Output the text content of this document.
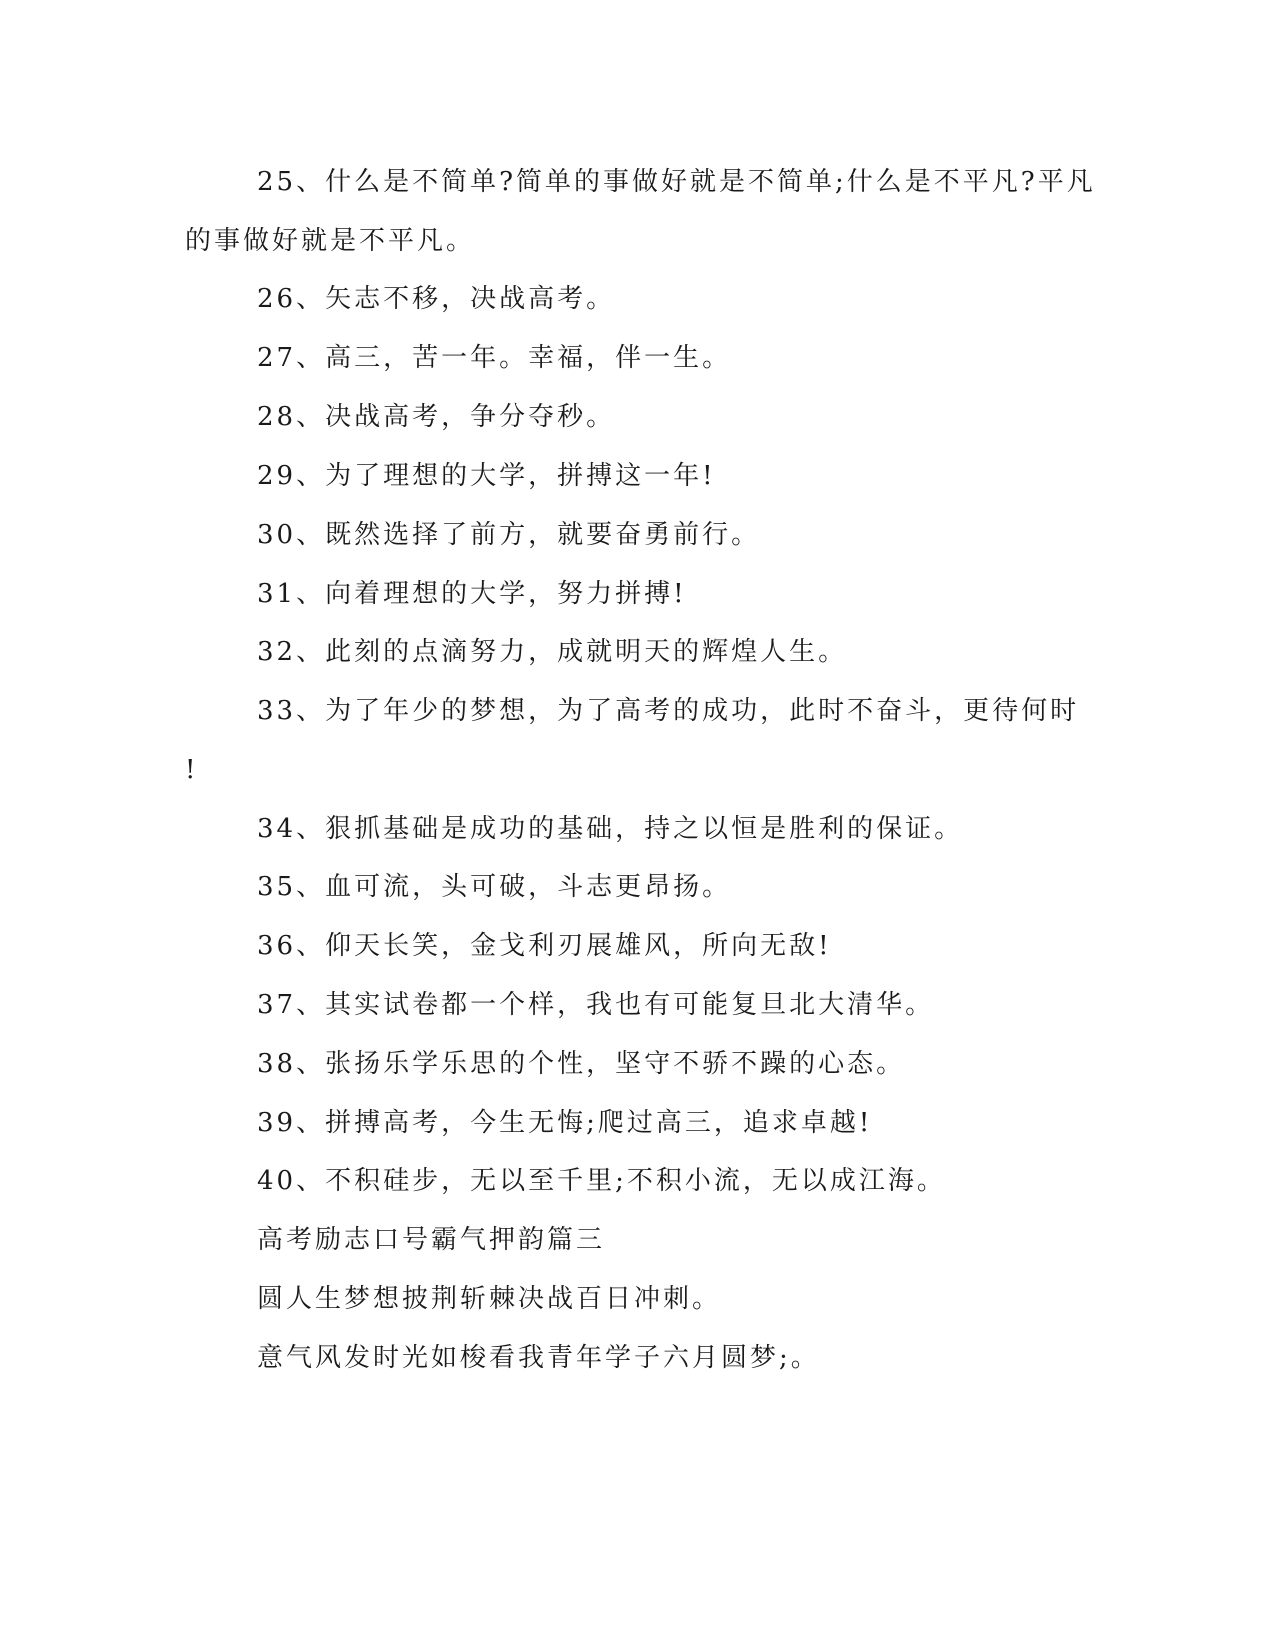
25、什么是不简单?简单的事做好就是不简单;什么是不平凡?平凡
的事做好就是不平凡。
26、矢志不移，决战高考。
27、高三，苦一年。幸福，伴一生。
28、决战高考，争分夺秒。
29、为了理想的大学，拼搏这一年!
30、既然选择了前方，就要奋勇前行。
31、向着理想的大学，努力拼搏!
32、此刻的点滴努力，成就明天的辉煌人生。
33、为了年少的梦想，为了高考的成功，此时不奋斗，更待何时
!
34、狠抓基础是成功的基础，持之以恒是胜利的保证。
35、血可流，头可破，斗志更昂扬。
36、仰天长笑，金戈利刃展雄风，所向无敌!
37、其实试卷都一个样，我也有可能复旦北大清华。
38、张扬乐学乐思的个性，坚守不骄不躁的心态。
39、拼搏高考，今生无悔;爬过高三，追求卓越!
40、不积硅步，无以至千里;不积小流，无以成江海。
高考励志口号霸气押韵篇三
圆人生梦想披荆斩棘决战百日冲刺。
意气风发时光如梭看我青年学子六月圆梦;。
